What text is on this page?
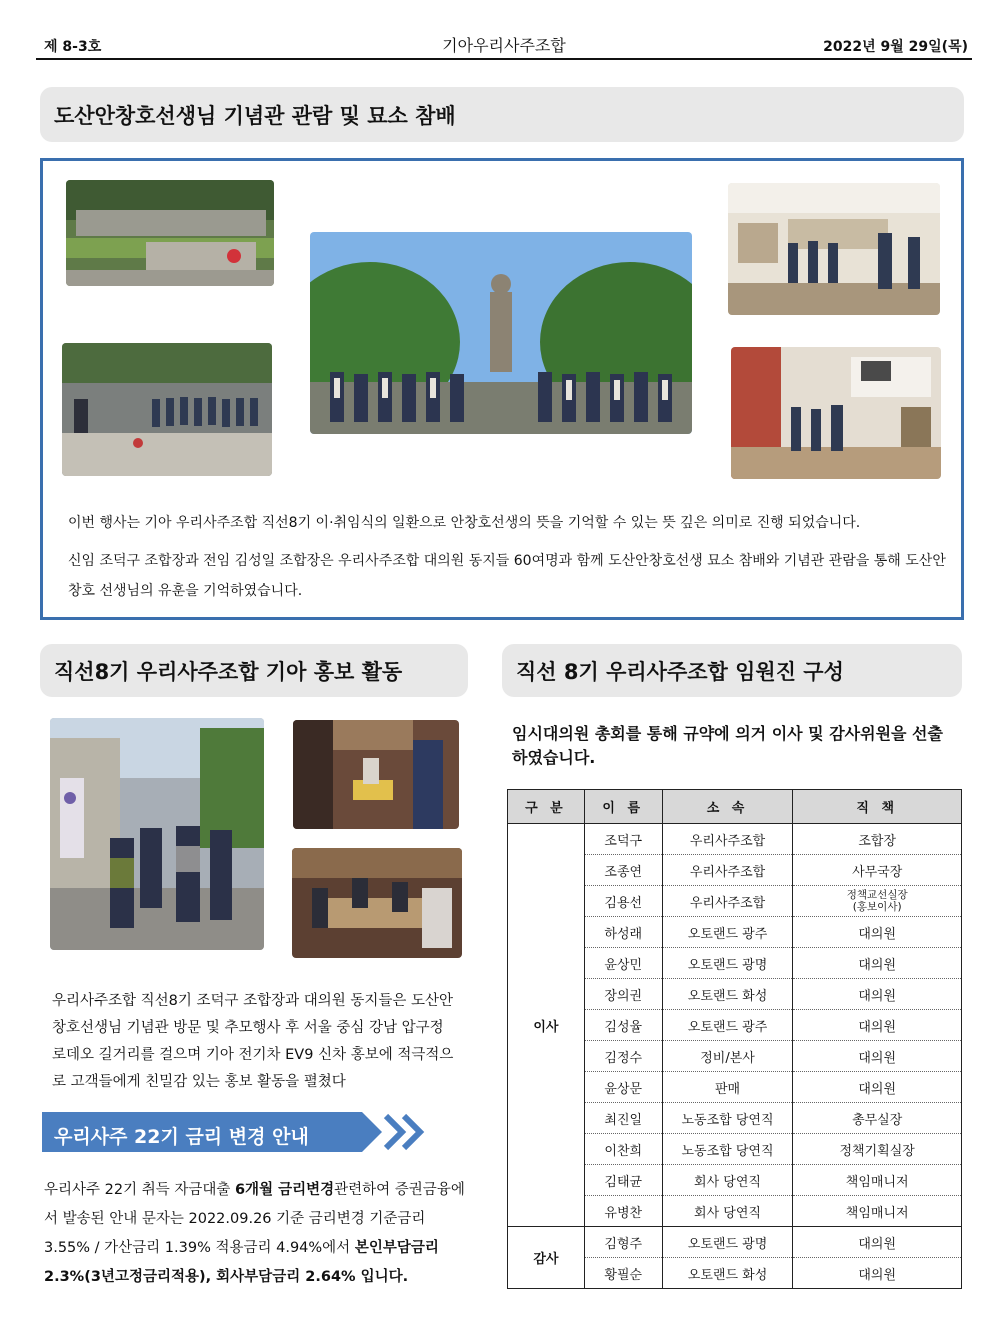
제 8-3호	기아우리사주조합	2022년 9월 29일(목)
도산안창호선생님 기념관 관람 및 묘소 참배

이번 행사는 기아 우리사주조합 직선8기 이·취임식의 일환으로 안창호선생의 뜻을 기억할 수 있는 뜻 깊은 의미로 진행 되었습니다.

신임 조덕구 조합장과 전임 김성일 조합장은 우리사주조합 대의원 동지들 60여명과 함께 도산안창호선생 묘소 참배와 기념관 관람을 통해 도산안창호 선생님의 유훈을 기억하였습니다.

직선8기 우리사주조합 기아 홍보 활동

우리사주조합 직선8기 조덕구 조합장과 대의원 동지들은 도산안창호선생님 기념관 방문 및 추모행사 후 서울 중심 강남 압구정 로데오 길거리를 걸으며 기아 전기차 EV9 신차 홍보에 적극적으로 고객들에게 친밀감 있는 홍보 활동을 펼쳤다

우리사주 22기 금리 변경 안내

우리사주 22기 취득 자금대출 6개월 금리변경관련하여 증권금융에서 발송된 안내 문자는 2022.09.26 기준 금리변경 기준금리 3.55% / 가산금리 1.39% 적용금리 4.94%에서 본인부담금리 2.3%(3년고정금리적용), 회사부담금리 2.64% 입니다.

직선 8기 우리사주조합 임원진 구성

임시대의원 총회를 통해 규약에 의거 이사 및 감사위원을 선출하였습니다.

구 분	이 름	소 속	직 책
이사	조덕구	우리사주조합	조합장
	조종연	우리사주조합	사무국장
	김용선	우리사주조합	정책교선실장
(홍보이사)
	하성래	오토랜드 광주	대의원
	윤상민	오토랜드 광명	대의원
	장의권	오토랜드 화성	대의원
	김성율	오토랜드 광주	대의원
	김정수	정비/본사	대의원
	윤상문	판매	대의원
	최진일	노동조합 당연직	총무실장
	이찬희	노동조합 당연직	정책기획실장
	김태균	회사 당연직	책임매니저
	유병찬	회사 당연직	책임매니저
감사	김형주	오토랜드 광명	대의원
	황필순	오토랜드 화성	대의원
